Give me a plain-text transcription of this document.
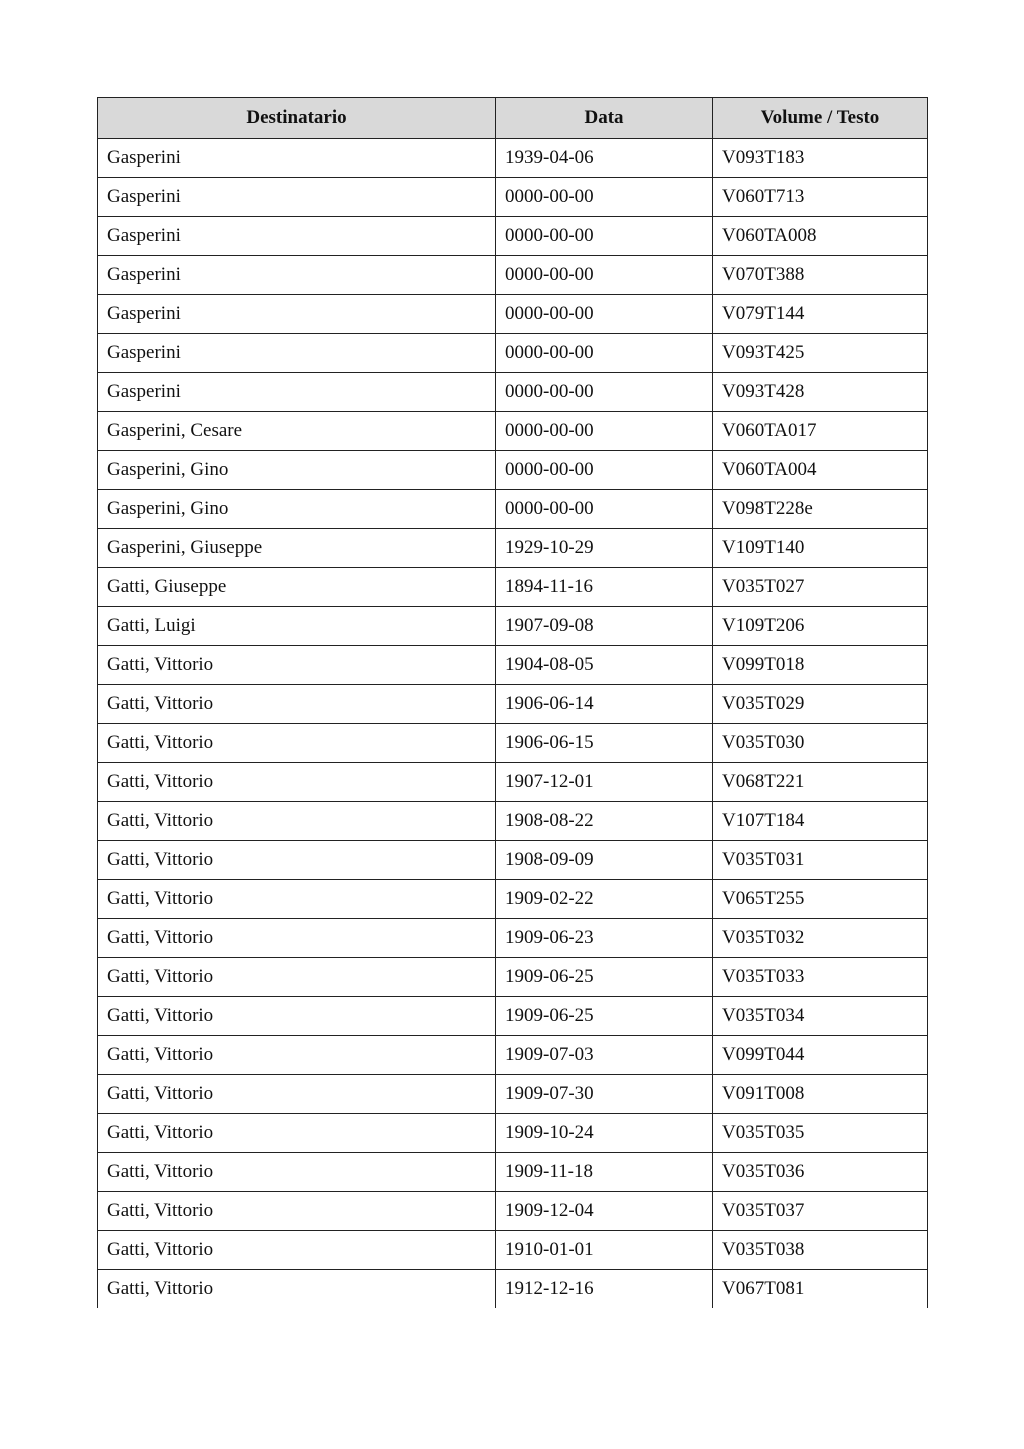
Destinatario	Data	Volume / Testo
Gasperini	1939-04-06	V093T183
Gasperini	0000-00-00	V060T713
Gasperini	0000-00-00	V060TA008
Gasperini	0000-00-00	V070T388
Gasperini	0000-00-00	V079T144
Gasperini	0000-00-00	V093T425
Gasperini	0000-00-00	V093T428
Gasperini, Cesare	0000-00-00	V060TA017
Gasperini, Gino	0000-00-00	V060TA004
Gasperini, Gino	0000-00-00	V098T228e
Gasperini, Giuseppe	1929-10-29	V109T140
Gatti, Giuseppe	1894-11-16	V035T027
Gatti, Luigi	1907-09-08	V109T206
Gatti, Vittorio	1904-08-05	V099T018
Gatti, Vittorio	1906-06-14	V035T029
Gatti, Vittorio	1906-06-15	V035T030
Gatti, Vittorio	1907-12-01	V068T221
Gatti, Vittorio	1908-08-22	V107T184
Gatti, Vittorio	1908-09-09	V035T031
Gatti, Vittorio	1909-02-22	V065T255
Gatti, Vittorio	1909-06-23	V035T032
Gatti, Vittorio	1909-06-25	V035T033
Gatti, Vittorio	1909-06-25	V035T034
Gatti, Vittorio	1909-07-03	V099T044
Gatti, Vittorio	1909-07-30	V091T008
Gatti, Vittorio	1909-10-24	V035T035
Gatti, Vittorio	1909-11-18	V035T036
Gatti, Vittorio	1909-12-04	V035T037
Gatti, Vittorio	1910-01-01	V035T038
Gatti, Vittorio	1912-12-16	V067T081
